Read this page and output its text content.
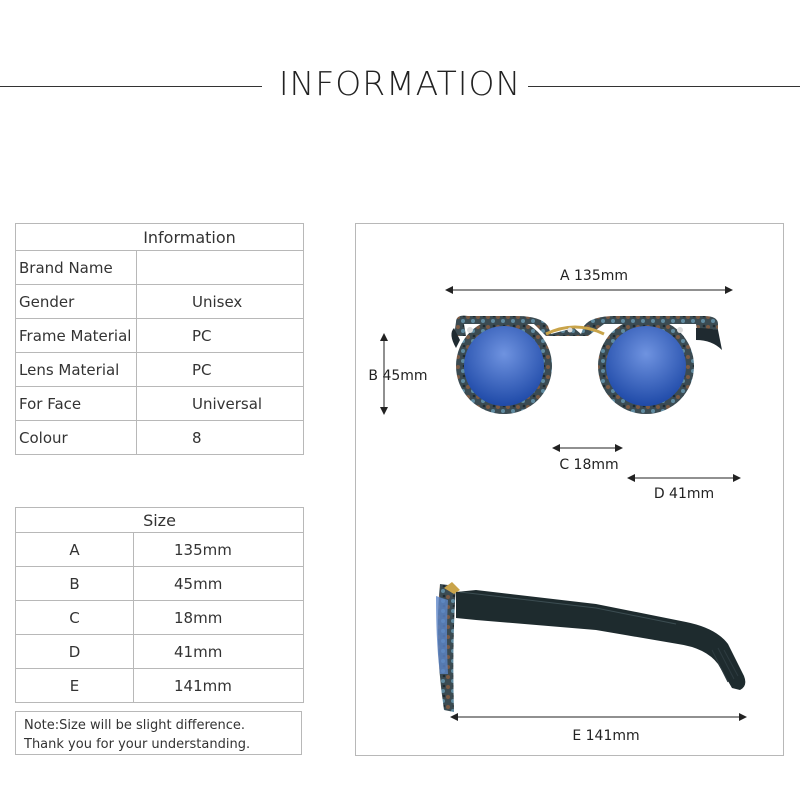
INFORMATION
Information	
Brand Name	
Gender	Unisex
Frame Material	PC
Lens Material	PC
For Face	Universal
Colour	8
Size	
A	135mm
B	45mm
C	18mm
D	41mm
E	141mm
Note:Size will be slight difference.
Thank you for your understanding.
A 135mm
B 45mm
C 18mm
D 41mm
E 141mm
